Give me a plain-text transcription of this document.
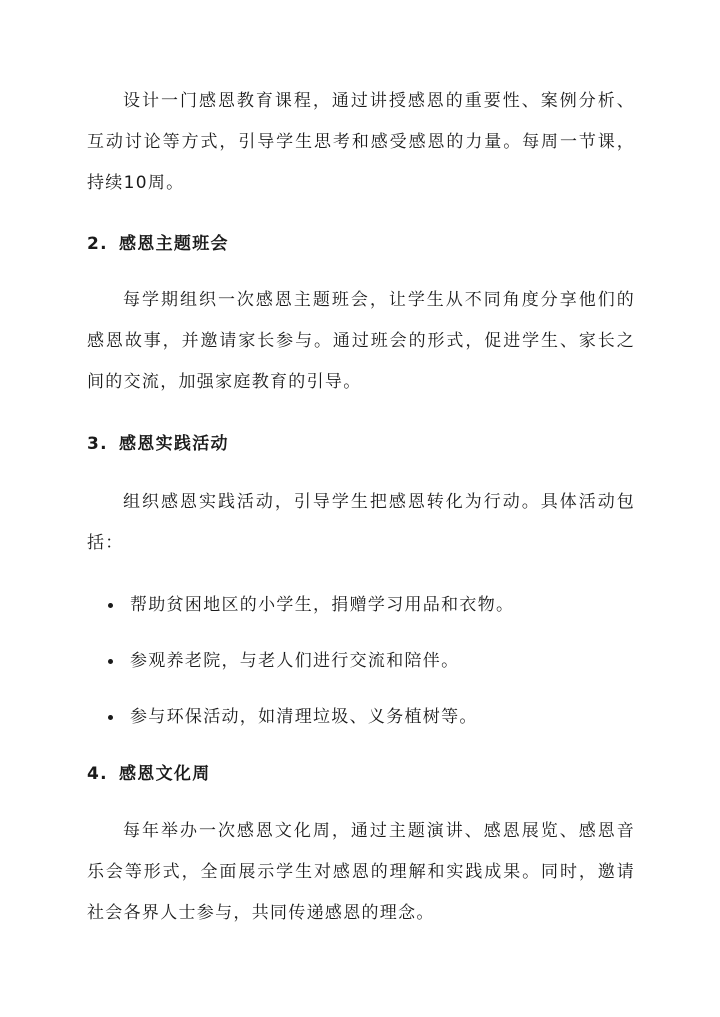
设计一门感恩教育课程，通过讲授感恩的重要性、案例分析、互动讨论等方式，引导学生思考和感受感恩的力量。每周一节课，持续10周。

2. 感恩主题班会

每学期组织一次感恩主题班会，让学生从不同角度分享他们的感恩故事，并邀请家长参与。通过班会的形式，促进学生、家长之间的交流，加强家庭教育的引导。

3. 感恩实践活动

组织感恩实践活动，引导学生把感恩转化为行动。具体活动包括：

帮助贫困地区的小学生，捐赠学习用品和衣物。
参观养老院，与老人们进行交流和陪伴。
参与环保活动，如清理垃圾、义务植树等。
4. 感恩文化周

每年举办一次感恩文化周，通过主题演讲、感恩展览、感恩音乐会等形式，全面展示学生对感恩的理解和实践成果。同时，邀请社会各界人士参与，共同传递感恩的理念。
